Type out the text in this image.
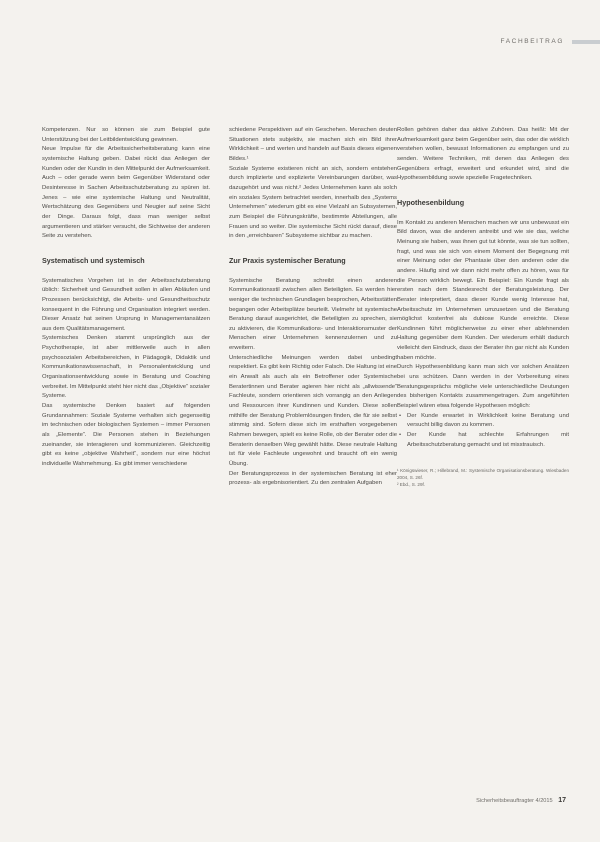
FACHBEITRAG

Kompetenzen. Nur so können sie zum Beispiel gute Unterstützung bei der Leitbildentwicklung gewinnen.

Neue Impulse für die Arbeitssicherheitsberatung kann eine systemische Haltung geben. Dabei rückt das Anliegen der Kunden oder der Kundin in den Mittelpunkt der Aufmerksamkeit. Auch – oder gerade wenn beim Gegenüber Widerstand oder Desinteresse in Sachen Arbeitsschutzberatung zu spüren ist. Jenes – wie eine systemische Haltung und Neutralität, Wertschätzung des Gegenübers und Neugier auf seine Sicht der Dinge. Daraus folgt, dass man weniger selbst argumentieren und stärker versucht, die Sichtweise der anderen Seite zu verstehen.

Systematisch und systemisch

Systematisches Vorgehen ist in der Arbeitsschutzberatung üblich: Sicherheit und Gesundheit sollen in allen Abläufen und Prozessen berücksichtigt, die Arbeits- und Gesundheitsschutz konsequent in die Führung und Organisation integriert werden. Dieser Ansatz hat seinen Ursprung in Managementansätzen aus dem Qualitätsmanagement.

Systemisches Denken stammt ursprünglich aus der Psychotherapie, ist aber mittlerweile auch in allen psychosozialen Arbeitsbereichen, in Pädagogik, Didaktik und Kommunikationswissenschaft, in Personalentwicklung und Organisationsentwicklung sowie in Beratung und Coaching verbreitet. Im Mittelpunkt steht hier nicht das „Objektive“ sozialer Systeme.

Das systemische Denken basiert auf folgenden Grundannahmen: Soziale Systeme verhalten sich gegenseitig im technischen oder biologischen Systemen – immer Personen als „Elemente“. Die Personen stehen in Beziehungen zueinander, sie interagieren und kommunizieren. Gleichzeitig gibt es keine „objektive Wahrheit“, sondern nur eine höchst individuelle Wahrnehmung. Es gibt immer verschiedene

schiedene Perspektiven auf ein Geschehen. Menschen deuten Situationen stets subjektiv, sie machen sich ein Bild ihrer Wirklichkeit – und werten und handeln auf Basis dieses eigenen Bildes.¹

Soziale Systeme existieren nicht an sich, sondern entstehen durch implizierte und explizierte Vereinbarungen darüber, was dazugehört und was nicht.² Jedes Unternehmen kann als solch ein soziales System betrachtet werden, innerhalb des „Systems Unternehmen“ wiederum gibt es eine Vielzahl an Subsystemen, zum Beispiel die Führungskräfte, bestimmte Abteilungen, alle Frauen und so weiter. Die systemische Sicht rückt darauf, diese in den „erreichbaren“ Subsysteme sichtbar zu machen.

Zur Praxis systemischer Beratung

Systemische Beratung schreibt einen anderen Kommunikationsstil zwischen allen Beteiligten. Es werden hier weniger die technischen Grundlagen besprochen, Arbeitsstätten begangen oder Arbeitsplätze beurteilt. Vielmehr ist systemische Beratung darauf ausgerichtet, die Beteiligten zu sprechen, sie zu aktivieren, die Kommunikations- und Interaktionsmuster der Menschen einer Unternehmen kennenzulernen und zu erweitern.

Unterschiedliche Meinungen werden dabei unbedingt respektiert. Es gibt kein Richtig oder Falsch. Die Haltung ist eine ein Anwalt als auch als ein Betroffener oder Systemische Beratertinnen und Berater agieren hier nicht als „allwissende“ Fachleute, sondern orientieren sich vorrangig an den Anliegen und Ressourcen ihrer Kundinnen und Kunden. Diese sollen mithilfe der Beratung Problemlösungen finden, die für sie selbst stimmig sind. Sofern diese sich im ersthaften vorgegebenen Rahmen bewegen, spielt es keine Rolle, ob der Berater oder die Beraterin denselben Weg gewählt hätte. Diese neutrale Haltung ist für viele Fachleute ungewohnt und braucht oft ein wenig Übung.

Der Beratungsprozess in der systemischen Beratung ist eher prozess- als ergebnisorientiert. Zu den zentralen Aufgaben

Rollen gehören daher das aktive Zuhören. Das heißt: Mit der Aufmerksamkeit ganz beim Gegenüber sein, das oder die wirklich verstehen wollen, bewusst Informationen zu empfangen und zu senden. Weitere Techniken, mit denen das Anliegen des Gegenübers erfragt, erweitert und erkundet wird, sind die Hypothesenbildung sowie spezielle Fragetechniken.

Hypothesenbildung

Im Kontakt zu anderen Menschen machen wir uns unbewusst ein Bild davon, was die anderen antreibt und wie sie das, welche Meinung sie haben, was ihnen gut tut könnte, was sie tun sollten, fragt, und was sie sich von einem Moment der Begegnung mit einer Meinung oder der Phantasie über den anderen oder die andere. Häufig sind wir dann nicht mehr offen zu hören, was für die Person wirklich bewegt. Ein Beispiel: Ein Kunde fragt als ersten nach dem Standesrecht der Beratungsleistung. Der Berater interpretiert, dass dieser Kunde wenig Interesse hat, Arbeitsschutz im Unternehmen umzusetzen und die Beratung möglichst kostenfrei als dubiose Kunde erreichte. Diese Kundinnen führt möglicherweise zu einer eher ablehnenden Haltung gegenüber dem Kunden. Der wiederum erhält dadurch vielleicht den Eindruck, dass der Berater ihn gar nicht als Kunden haben möchte.

Durch Hypothesenbildung kann man sich vor solchen Ansätzen bei uns schützen. Dann werden in der Vorbereitung eines Beratungsgesprächs mögliche viele unterschiedliche Deutungen des bisherigen Kontakts zusammengetragen. Zum angeführten Beispiel wären etwa folgende Hypothesen möglich:

• Der Kunde erwartet in Wirklichkeit keine Beratung und versucht billig davon zu kommen.
• Der Kunde hat schlechte Erfahrungen mit Arbeitsschutzberatung gemacht und ist misstrauisch.

¹ Königswieser, R.; Hillebrand, M.: Systemische Organisationsberatung. Wiesbaden 2004, S. 26f.

² Ebd., S. 29f.

Sicherheitsbeauftragter 4/2015 17
